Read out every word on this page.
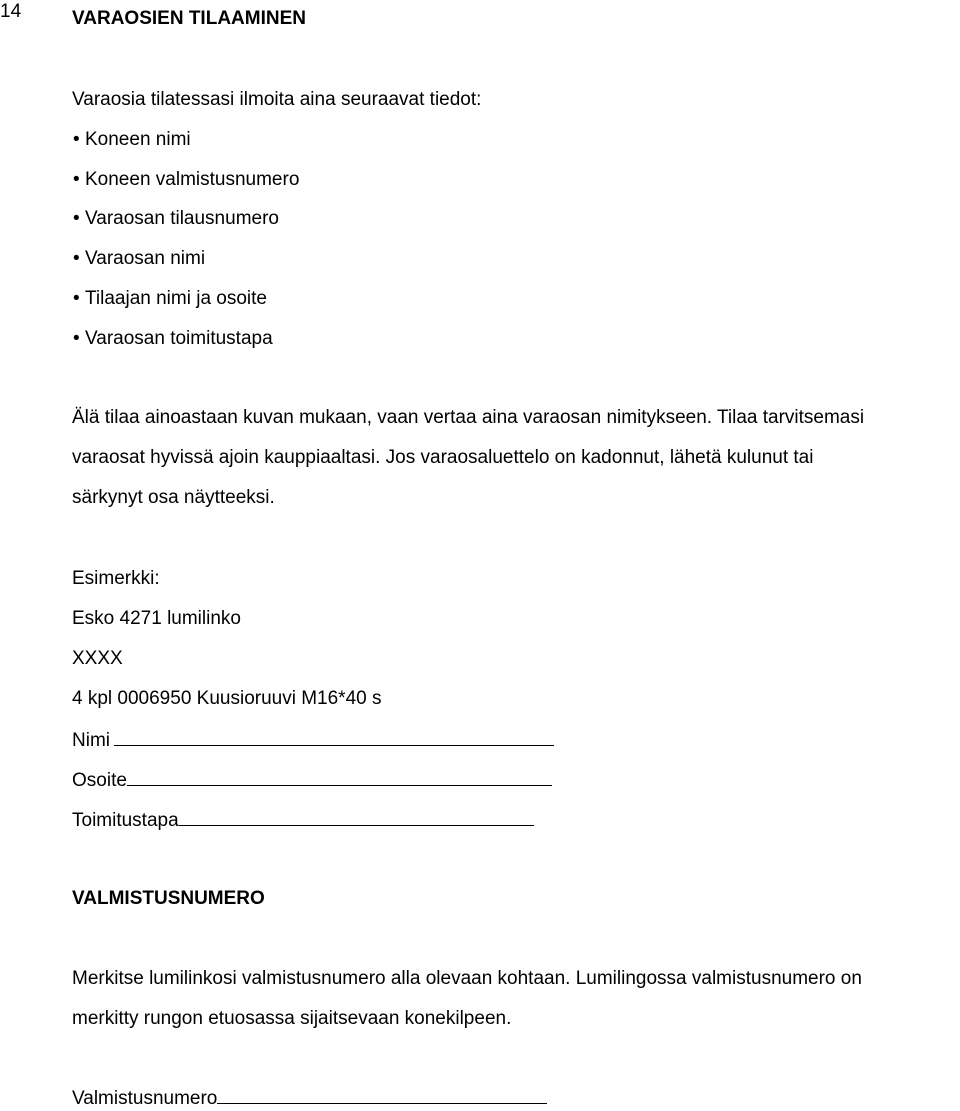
14	VARAOSIEN TILAAMINEN
Varaosia tilatessasi ilmoita aina seuraavat tiedot:
• Koneen nimi
• Koneen valmistusnumero
• Varaosan tilausnumero
• Varaosan nimi
• Tilaajan nimi ja osoite
• Varaosan toimitustapa
Älä tilaa ainoastaan kuvan mukaan, vaan vertaa aina varaosan nimitykseen. Tilaa tarvitsemasi
varaosat hyvissä ajoin kauppiaaltasi. Jos varaosaluettelo on kadonnut, lähetä kulunut tai
särkynyt osa näytteeksi.
Esimerkki:
Esko 4271 lumilinko
XXXX
4 kpl 0006950 Kuusioruuvi M16*40 s
Nimi
Osoite
Toimitustapa
VALMISTUSNUMERO
Merkitse lumilinkosi valmistusnumero alla olevaan kohtaan. Lumilingossa valmistusnumero on
merkitty rungon etuosassa sijaitsevaan konekilpeen.
Valmistusnumero
